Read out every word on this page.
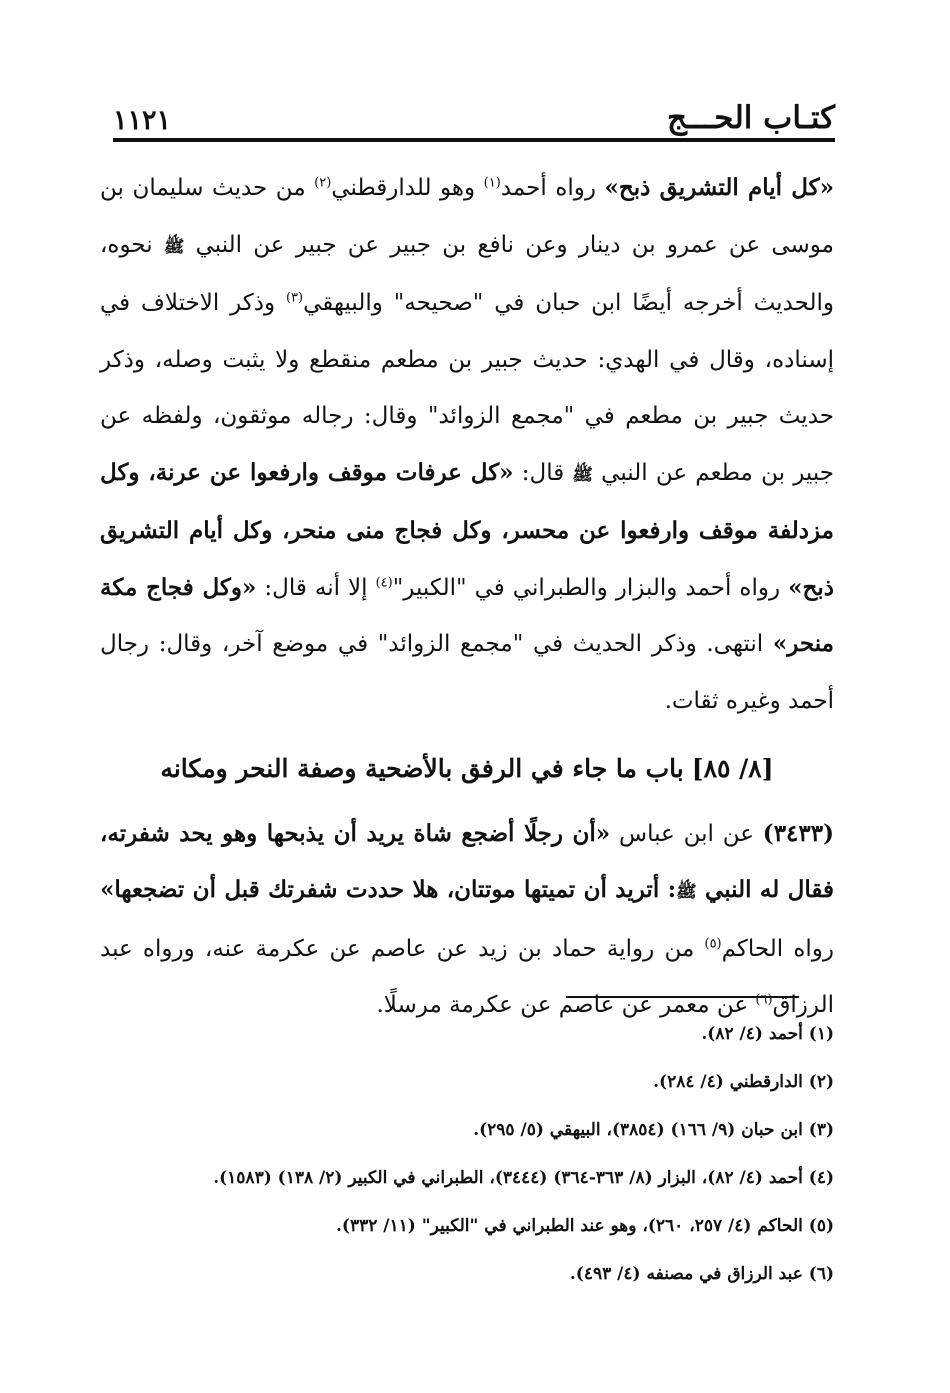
كتـاب الحـــج
١١٢١

«كل أيام التشريق ذبح» رواه أحمد$^{(١)}$ وهو للدارقطني$^{(٢)}$ من حديث سليمان بن موسى عن عمرو بن دينار وعن نافع بن جبير عن جبير عن النبي ﷺ نحوه، والحديث أخرجه أيضًا ابن حبان في "صحيحه" والبيهقي$^{(٣)}$ وذكر الاختلاف في إسناده، وقال في الهدي: حديث جبير بن مطعم منقطع ولا يثبت وصله، وذكر حديث جبير بن مطعم في "مجمع الزوائد" وقال: رجاله موثقون، ولفظه عن جبير بن مطعم عن النبي ﷺ قال: «كل عرفات موقف وارفعوا عن عرنة، وكل مزدلفة موقف وارفعوا عن محسر، وكل فجاج منى منحر، وكل أيام التشريق ذبح» رواه أحمد والبزار والطبراني في "الكبير"$^{(٤)}$ إلا أنه قال: «وكل فجاج مكة منحر» انتهى. وذكر الحديث في "مجمع الزوائد" في موضع آخر، وقال: رجال أحمد وغيره ثقات.

[٨/ ٨٥]باب ما جاء في الرفق بالأضحية وصفة النحر ومكانه

(٣٤٣٣) عن ابن عباس «أن رجلًا أضجع شاة يريد أن يذبحها وهو يحد شفرته، فقال له النبي ﷺ: أتريد أن تميتها موتتان، هلا حددت شفرتك قبل أن تضجعها» رواه الحاكم$^{(٥)}$ من رواية حماد بن زيد عن عاصم عن عكرمة عنه، ورواه عبد الرزاق$^{(٦)}$ عن معمر عن عاصم عن عكرمة مرسلًا.

(١) أحمد (٤/ ٨٢).

(٢) الدارقطني (٤/ ٢٨٤).

(٣) ابن حبان (٩/ ١٦٦) (٣٨٥٤)، البيهقي (٥/ ٢٩٥).

(٤) أحمد (٤/ ٨٢)، البزار (٨/ ٣٦٣-٣٦٤) (٣٤٤٤)، الطبراني في الكبير (٢/ ١٣٨) (١٥٨٣).

(٥) الحاكم (٤/ ٢٥٧، ٢٦٠)، وهو عند الطبراني في "الكبير" (١١/ ٣٣٢).

(٦) عبد الرزاق في مصنفه (٤/ ٤٩٣).
